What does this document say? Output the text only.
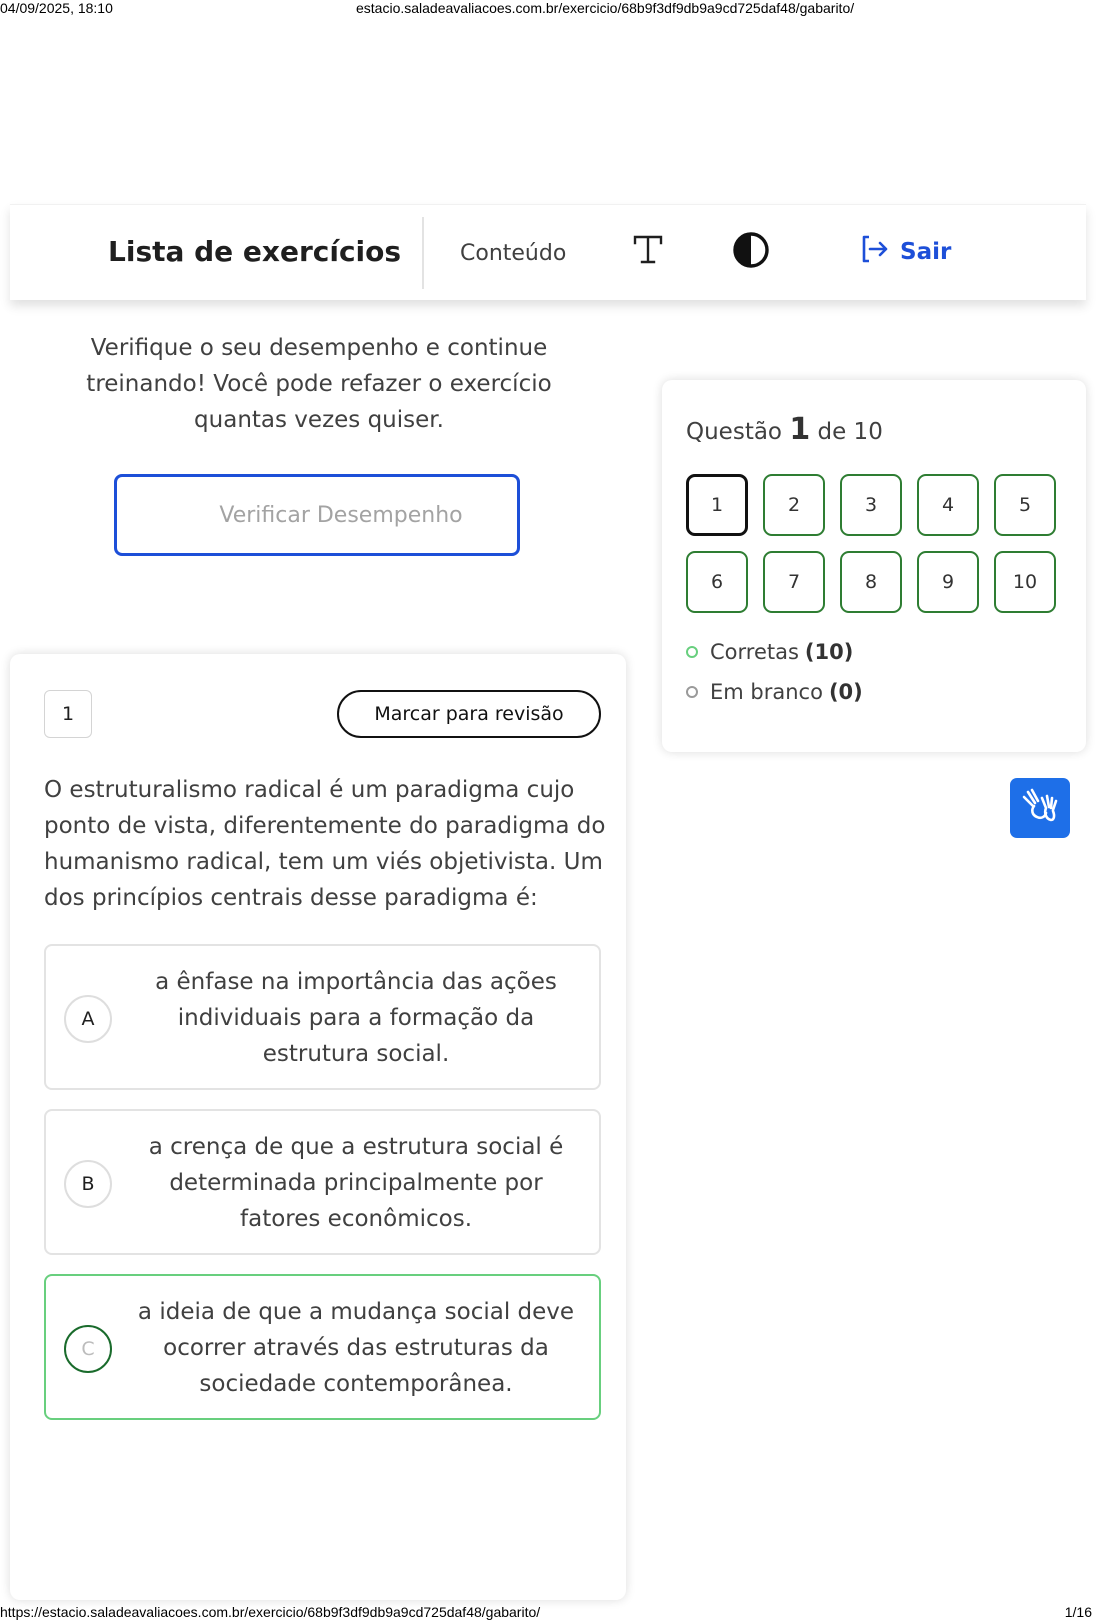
04/09/2025, 18:10	estacio.saladeavaliacoes.com.br/exercicio/68b9f3df9db9a9cd725daf48/gabarito/
Lista de exercícios	Conteúdo	Sair
Verifique o seu desempenho e continue treinando! Você pode refazer o exercício quantas vezes quiser.
Verificar Desempenho
1	Marcar para revisão
O estruturalismo radical é um paradigma cujo ponto de vista, diferentemente do paradigma do humanismo radical, tem um viés objetivista. Um dos princípios centrais desse paradigma é:
A
a ênfase na importância das ações individuais para a formação da estrutura social.
B
a crença de que a estrutura social é determinada principalmente por fatores econômicos.
C
a ideia de que a mudança social deve ocorrer através das estruturas da sociedade contemporânea.
Questão 1 de 10
1	2	3	4	5
6	7	8	9	10
Corretas (10)
Em branco (0)
https://estacio.saladeavaliacoes.com.br/exercicio/68b9f3df9db9a9cd725daf48/gabarito/	1/16
